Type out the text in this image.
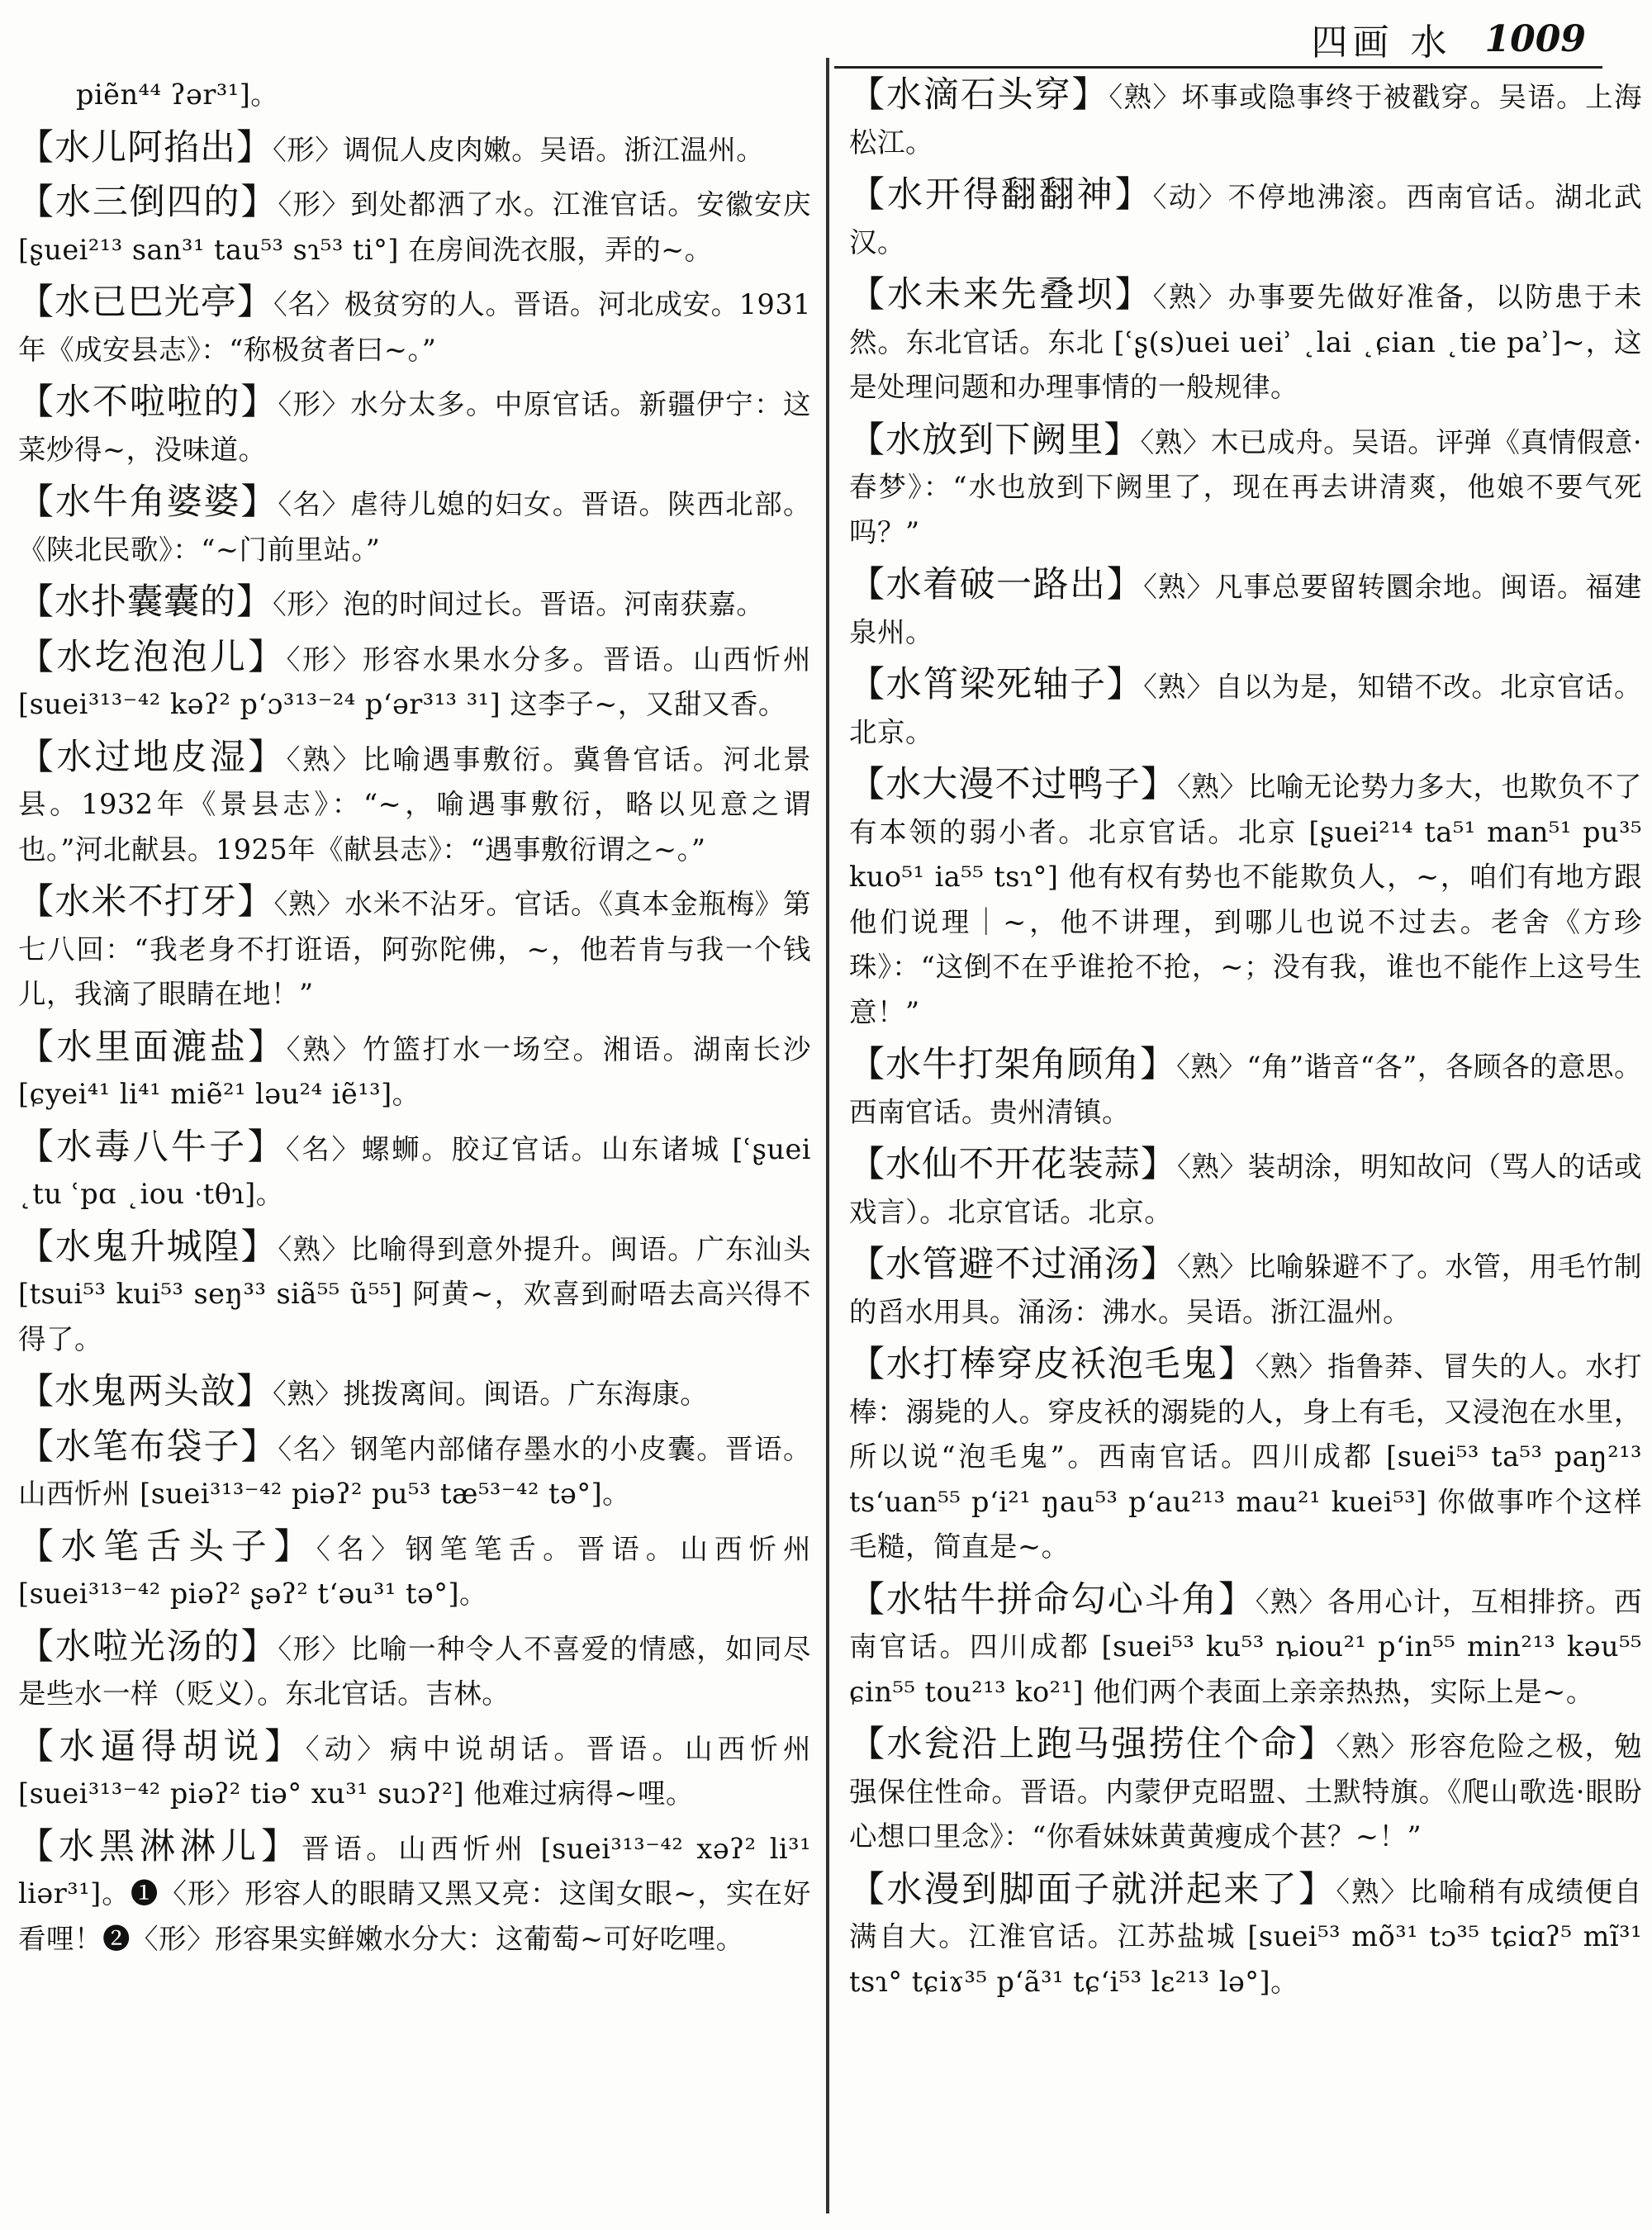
四画 水 1009
piẽn⁴⁴ ʔər³¹]。
【水儿阿掐出】〈形〉调侃人皮肉嫩。吴语。浙江温州。
【水三倒四的】〈形〉到处都洒了水。江淮官话。安徽安庆 [ʂuei²¹³ san³¹ tau⁵³ sɿ⁵³ ti°] 在房间洗衣服，弄的~。
【水已巴光亭】〈名〉极贫穷的人。晋语。河北成安。1931年《成安县志》：“称极贫者曰~。”
【水不啦啦的】〈形〉水分太多。中原官话。新疆伊宁：这菜炒得~，没味道。
【水牛角婆婆】〈名〉虐待儿媳的妇女。晋语。陕西北部。《陕北民歌》：“~门前里站。”
【水扑囊囊的】〈形〉泡的时间过长。晋语。河南获嘉。
【水圪泡泡儿】〈形〉形容水果水分多。晋语。山西忻州 [suei³¹³⁻⁴² kəʔ² p‘ɔ³¹³⁻²⁴ p‘ər³¹³ ³¹] 这李子~，又甜又香。
【水过地皮湿】〈熟〉比喻遇事敷衍。冀鲁官话。河北景县。1932年《景县志》：“~，喻遇事敷衍，略以见意之谓也。”河北献县。1925年《献县志》：“遇事敷衍谓之~。”
【水米不打牙】〈熟〉水米不沾牙。官话。《真本金瓶梅》第七八回：“我老身不打诳语，阿弥陀佛，~，他若肯与我一个钱儿，我滴了眼睛在地！”
【水里面漉盐】〈熟〉竹篮打水一场空。湘语。湖南长沙 [ɕyei⁴¹ li⁴¹ miẽ²¹ ləu²⁴ iẽ¹³]。
【水毒八牛子】〈名〉螺蛳。胶辽官话。山东诸城 [ʿʂuei ˛tu ʿpɑ ˛iou ·tθɿ]。
【水鬼升城隍】〈熟〉比喻得到意外提升。闽语。广东汕头 [tsui⁵³ kui⁵³ seŋ³³ siã⁵⁵ ũ⁵⁵] 阿黄~，欢喜到耐唔去高兴得不得了。
【水鬼两头敨】〈熟〉挑拨离间。闽语。广东海康。
【水笔布袋子】〈名〉钢笔内部储存墨水的小皮囊。晋语。山西忻州 [suei³¹³⁻⁴² piəʔ² pu⁵³ tæ⁵³⁻⁴² tə°]。
【水笔舌头子】〈名〉钢笔笔舌。晋语。山西忻州 [suei³¹³⁻⁴² piəʔ² ʂəʔ² t‘əu³¹ tə°]。
【水啦光汤的】〈形〉比喻一种令人不喜爱的情感，如同尽是些水一样（贬义）。东北官话。吉林。
【水逼得胡说】〈动〉病中说胡话。晋语。山西忻州 [suei³¹³⁻⁴² piəʔ² tiə° xu³¹ suɔʔ²] 他难过病得~哩。
【水黑淋淋儿】晋语。山西忻州 [suei³¹³⁻⁴² xəʔ² li³¹ liər³¹]。❶〈形〉形容人的眼睛又黑又亮：这闺女眼~，实在好看哩！❷〈形〉形容果实鲜嫩水分大：这葡萄~可好吃哩。
【水滴石头穿】〈熟〉坏事或隐事终于被戳穿。吴语。上海松江。
【水开得翻翻神】〈动〉不停地沸滚。西南官话。湖北武汉。
【水未来先叠坝】〈熟〉办事要先做好准备，以防患于未然。东北官话。东北 [ʿʂ(s)uei ueiʾ ˛lai ˛ɕian ˛tie paʾ]~，这是处理问题和办理事情的一般规律。
【水放到下阙里】〈熟〉木已成舟。吴语。评弹《真情假意·春梦》：“水也放到下阙里了，现在再去讲清爽，他娘不要气死吗？”
【水着破一路出】〈熟〉凡事总要留转圜余地。闽语。福建泉州。
【水筲梁死轴子】〈熟〉自以为是，知错不改。北京官话。北京。
【水大漫不过鸭子】〈熟〉比喻无论势力多大，也欺负不了有本领的弱小者。北京官话。北京 [ʂuei²¹⁴ ta⁵¹ man⁵¹ pu³⁵ kuo⁵¹ ia⁵⁵ tsɿ°] 他有权有势也不能欺负人，~，咱们有地方跟他们说理｜~，他不讲理，到哪儿也说不过去。老舍《方珍珠》：“这倒不在乎谁抢不抢，~；没有我，谁也不能作上这号生意！”
【水牛打架角顾角】〈熟〉“角”谐音“各”，各顾各的意思。西南官话。贵州清镇。
【水仙不开花装蒜】〈熟〉装胡涂，明知故问（骂人的话或戏言）。北京官话。北京。
【水管避不过涌汤】〈熟〉比喻躲避不了。水管，用毛竹制的舀水用具。涌汤：沸水。吴语。浙江温州。
【水打棒穿皮袄泡毛鬼】〈熟〉指鲁莽、冒失的人。水打棒：溺毙的人。穿皮袄的溺毙的人，身上有毛，又浸泡在水里，所以说“泡毛鬼”。西南官话。四川成都 [suei⁵³ ta⁵³ paŋ²¹³ ts‘uan⁵⁵ p‘i²¹ ŋau⁵³ p‘au²¹³ mau²¹ kuei⁵³] 你做事咋个这样毛糙，简直是~。
【水牯牛拼命勾心斗角】〈熟〉各用心计，互相排挤。西南官话。四川成都 [suei⁵³ ku⁵³ ȵiou²¹ p‘in⁵⁵ min²¹³ kəu⁵⁵ ɕin⁵⁵ tou²¹³ ko²¹] 他们两个表面上亲亲热热，实际上是~。
【水瓮沿上跑马强捞住个命】〈熟〉形容危险之极，勉强保住性命。晋语。内蒙伊克昭盟、土默特旗。《爬山歌选·眼盼心想口里念》：“你看妹妹黄黄瘦成个甚？~！”
【水漫到脚面子就洴起来了】〈熟〉比喻稍有成绩便自满自大。江淮官话。江苏盐城 [suei⁵³ mõ³¹ tɔ³⁵ tɕiɑʔ⁵ mĩ³¹ tsɿ° tɕiɤ³⁵ p‘ã³¹ tɕ‘i⁵³ lɛ²¹³ lə°]。
